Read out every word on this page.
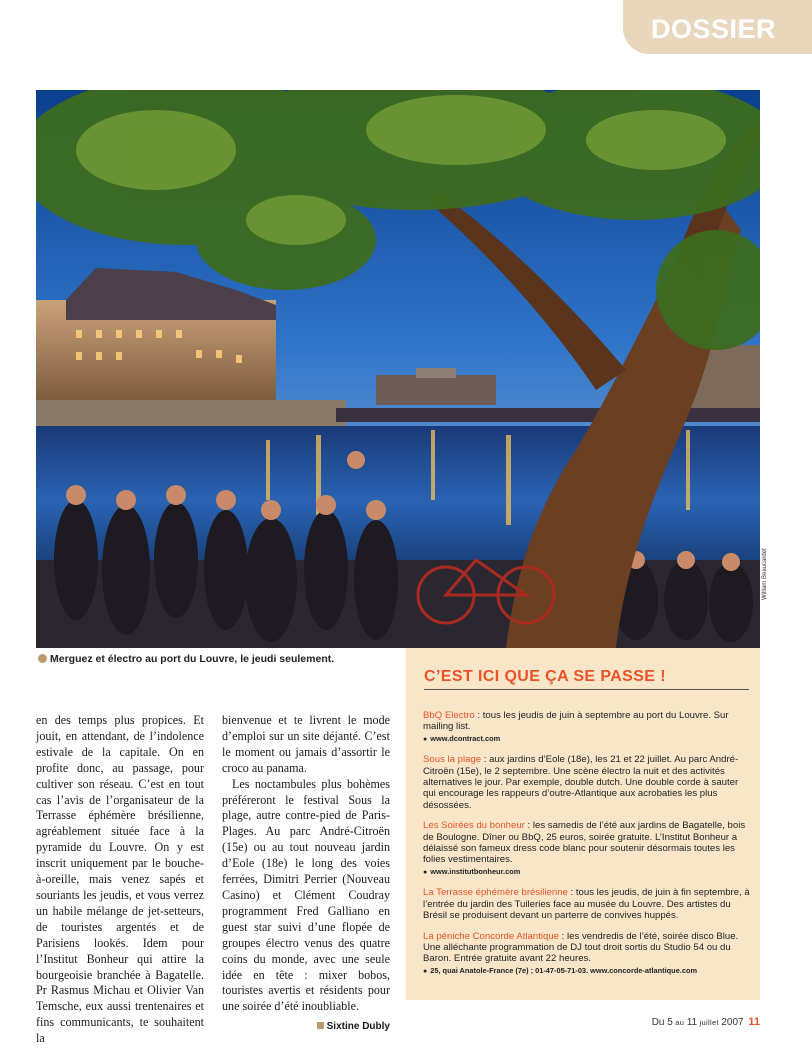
DOSSIER
William Beaucardet
Merguez et électro au port du Louvre, le jeudi seulement.

en des temps plus propices. Et jouit, en attendant, de l’indolence estivale de la capitale. On en profite donc, au passage, pour cultiver son réseau. C’est en tout cas l’avis de l’organisateur de la Terrasse éphémère brésilienne, agréablement située face à la pyramide du Louvre. On y est inscrit uniquement par le bouche-à-oreille, mais venez sapés et souriants les jeudis, et vous verrez un habile mélange de jet-setteurs, de touristes argentés et de Parisiens lookés. Idem pour l’Institut Bonheur qui attire la bourgeoisie branchée à Bagatelle. Pr Rasmus Michau et Olivier Van Temsche, eux aussi trentenaires et fins communicants, te souhaitent la

bienvenue et te livrent le mode d’emploi sur un site déjanté. C’est le moment ou jamais d’assortir le croco au panama.

Les noctambules plus bohèmes préféreront le festival Sous la plage, autre contre-pied de Paris-Plages. Au parc André-Citroën (15e) ou au tout nouveau jardin d’Eole (18e) le long des voies ferrées, Dimitri Perrier (Nouveau Casino) et Clément Coudray programment Fred Galliano en guest star suivi d’une flopée de groupes électro venus des quatre coins du monde, avec une seule idée en tête : mixer bobos, touristes avertis et résidents pour une soirée d’été inoubliable.

Sixtine Dubly
C’EST ICI QUE ÇA SE PASSE !
BbQ Electro : tous les jeudis de juin à septembre au port du Louvre. Sur mailing list.
● www.dcontract.com
Sous la plage : aux jardins d’Eole (18e), les 21 et 22 juillet. Au parc André-Citroën (15e), le 2 septembre. Une scène électro la nuit et des activités alternatives le jour. Par exemple, double dutch. Une double corde à sauter qui encourage les rappeurs d’outre-Atlantique aux acrobaties les plus désossées.
Les Soirées du bonheur : les samedis de l’été aux jardins de Bagatelle, bois de Boulogne. Dîner ou BbQ, 25 euros, soirée gratuite. L’Institut Bonheur a délaissé son fameux dress code blanc pour soutenir désormais toutes les folies vestimentaires.
● www.institutbonheur.com
La Terrasse éphémère brésilienne : tous les jeudis, de juin à fin septembre, à l’entrée du jardin des Tuileries face au musée du Louvre. Des artistes du Brésil se produisent devant un parterre de convives huppés.
La péniche Concorde Atlantique : les vendredis de l’été, soirée disco Blue. Une alléchante programmation de DJ tout droit sortis du Studio 54 ou du Baron. Entrée gratuite avant 22 heures.
● 25, quai Anatole-France (7e) ; 01-47-05-71-03. www.concorde-atlantique.com
Du 5 au 11 juillet 2007 11
